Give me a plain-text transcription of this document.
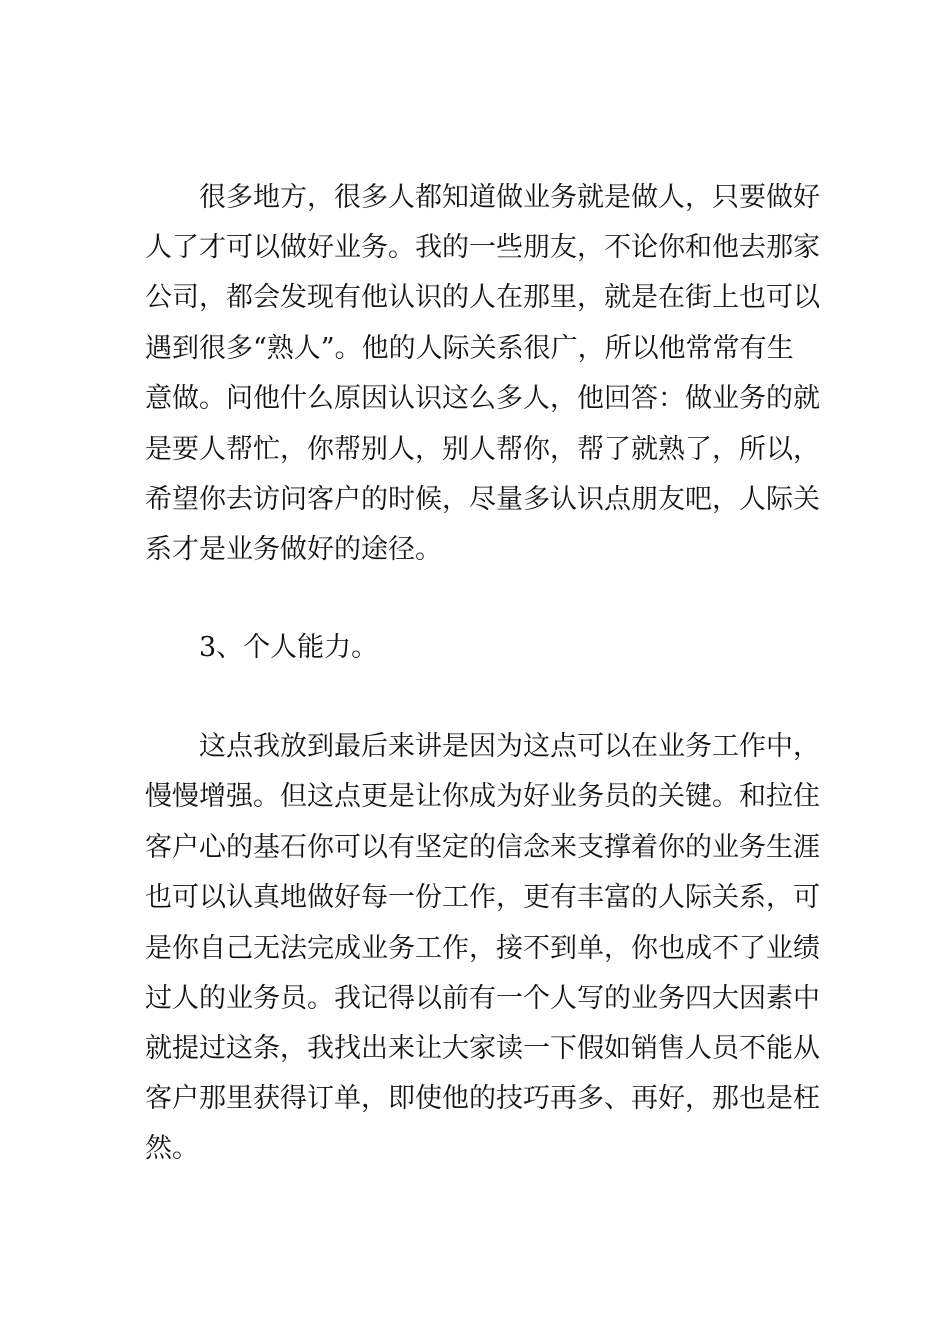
　　很多地方，很多人都知道做业务就是做人，只要做好
人了才可以做好业务。我的一些朋友，不论你和他去那家
公司，都会发现有他认识的人在那里，就是在街上也可以
遇到很多“熟人”。他的人际关系很广，所以他常常有生
意做。问他什么原因认识这么多人，他回答：做业务的就
是要人帮忙，你帮别人，别人帮你，帮了就熟了，所以，
希望你去访问客户的时候，尽量多认识点朋友吧，人际关
系才是业务做好的途径。
　　3、个人能力。
　　这点我放到最后来讲是因为这点可以在业务工作中，
慢慢增强。但这点更是让你成为好业务员的关键。和拉住
客户心的基石你可以有坚定的信念来支撑着你的业务生涯
也可以认真地做好每一份工作，更有丰富的人际关系，可
是你自己无法完成业务工作，接不到单，你也成不了业绩
过人的业务员。我记得以前有一个人写的业务四大因素中
就提过这条，我找出来让大家读一下假如销售人员不能从
客户那里获得订单，即使他的技巧再多、再好，那也是枉
然。
